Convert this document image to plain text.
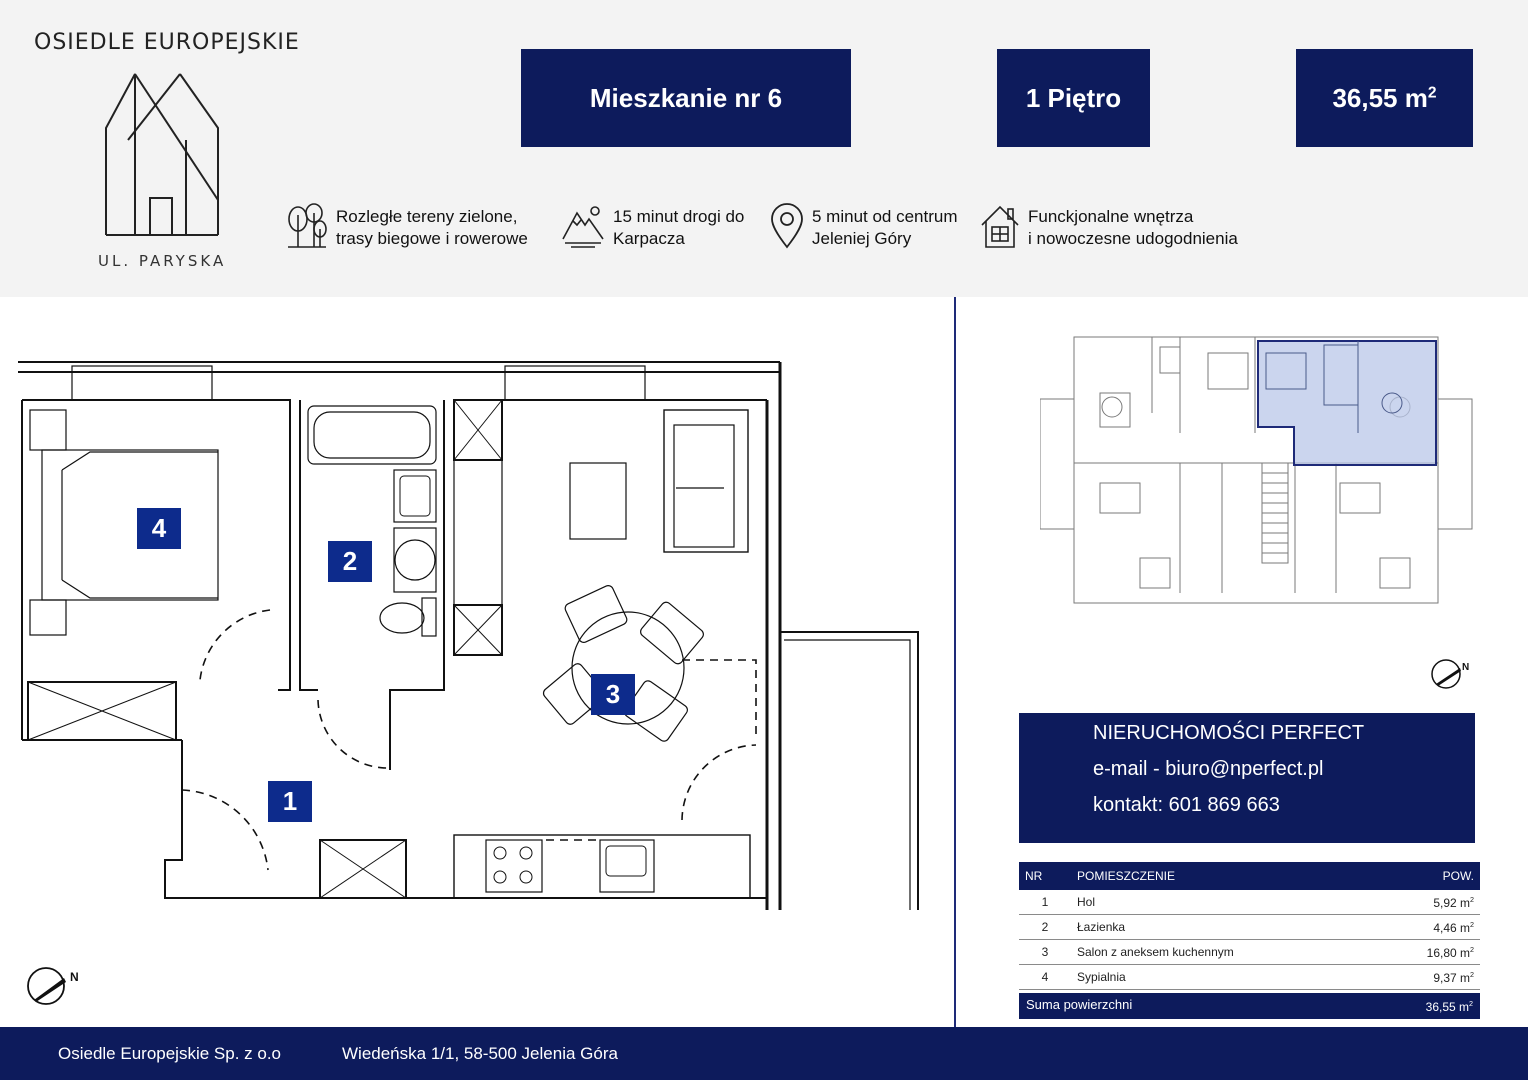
OSIEDLE EUROPEJSKIE
UL. PARYSKA
Mieszkanie nr 6	1 Piętro	36,55 $m^2$
Rozległe tereny zielone,
trasy biegowe i rowerowe
15 minut drogi do
Karpacza
5 minut od centrum
Jeleniej Góry
Funckjonalne wnętrza
i nowoczesne udogodnienia
4
2
3
1
N
N
NIERUCHOMOŚCI PERFECT
e-mail - biuro@nperfect.pl
kontakt: 601 869 663
NR	POMIESZCZENIE	POW.
1	Hol	5,92 $m^2$
2	Łazienka	4,46 $m^2$
3	Salon z aneksem kuchennym	16,80 $m^2$
4	Sypialnia	9,37 $m^2$
Suma powierzchni	36,55 $m^2$
Osiedle Europejskie Sp. z o.o	Wiedeńska 1/1, 58-500 Jelenia Góra
